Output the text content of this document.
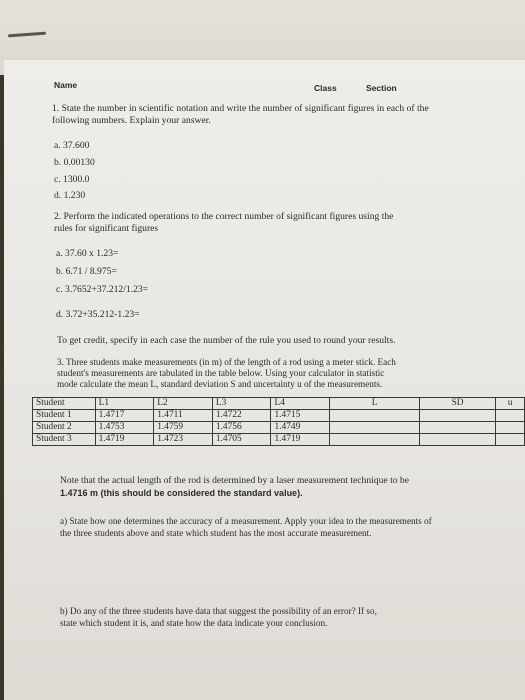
Name	Class	Section
1. State the number in scientific notation and write the number of significant figures in each of the
following numbers. Explain your answer.
a. 37.600
b. 0.00130
c. 1300.0
d. 1.230
2. Perform the indicated operations to the correct number of significant figures using the
rules for significant figures
a. 37.60 x 1.23=
b. 6.71 / 8.975=
c. 3.7652+37.212/1.23=
d. 3.72+35.212-1.23=
To get credit, specify in each case the number of the rule you used to round your results.
3. Three students make measurements (in m) of the length of a rod using a meter stick. Each
student's measurements are tabulated in the table below. Using your calculator in statistic
mode calculate the mean L, standard deviation S and uncertainty u of the measurements.
Student	L1	L2	L3	L4	$\overline{L}$	SD	u
Student 1	1.4717	1.4711	1.4722	1.4715			
Student 2	1.4753	1.4759	1.4756	1.4749			
Student 3	1.4719	1.4723	1.4705	1.4719			
Note that the actual length of the rod is determined by a laser measurement technique to be
1.4716 m (this should be considered the standard value).
a) State how one determines the accuracy of a measurement. Apply your idea to the measurements of
the three students above and state which student has the most accurate measurement.
b) Do any of the three students have data that suggest the possibility of an error? If so,
state which student it is, and state how the data indicate your conclusion.
